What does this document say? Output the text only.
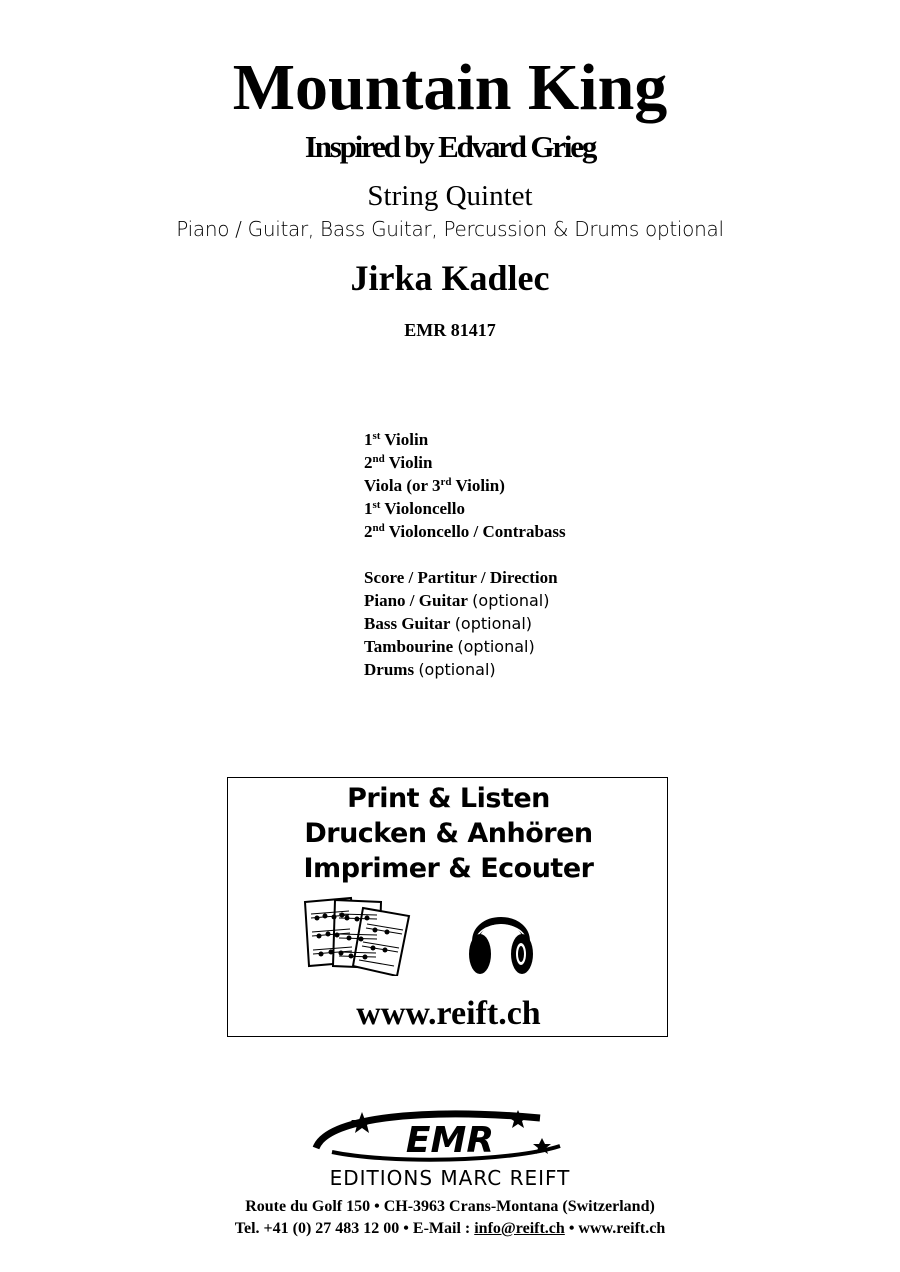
Mountain King
Inspired by Edvard Grieg
String Quintet
Piano / Guitar, Bass Guitar, Percussion & Drums optional
Jirka Kadlec
EMR 81417
1st Violin
2nd Violin
Viola (or 3rd Violin)
1st Violoncello
2nd Violoncello / Contrabass
Score / Partitur / Direction
Piano / Guitar (optional)
Bass Guitar (optional)
Tambourine (optional)
Drums (optional)
Print & Listen
Drucken & Anhören
Imprimer & Ecouter
www.reift.ch
EMR
EDITIONS MARC REIFT
Route du Golf 150 • CH-3963 Crans-Montana (Switzerland)
Tel. +41 (0) 27 483 12 00 • E-Mail : info@reift.ch • www.reift.ch
